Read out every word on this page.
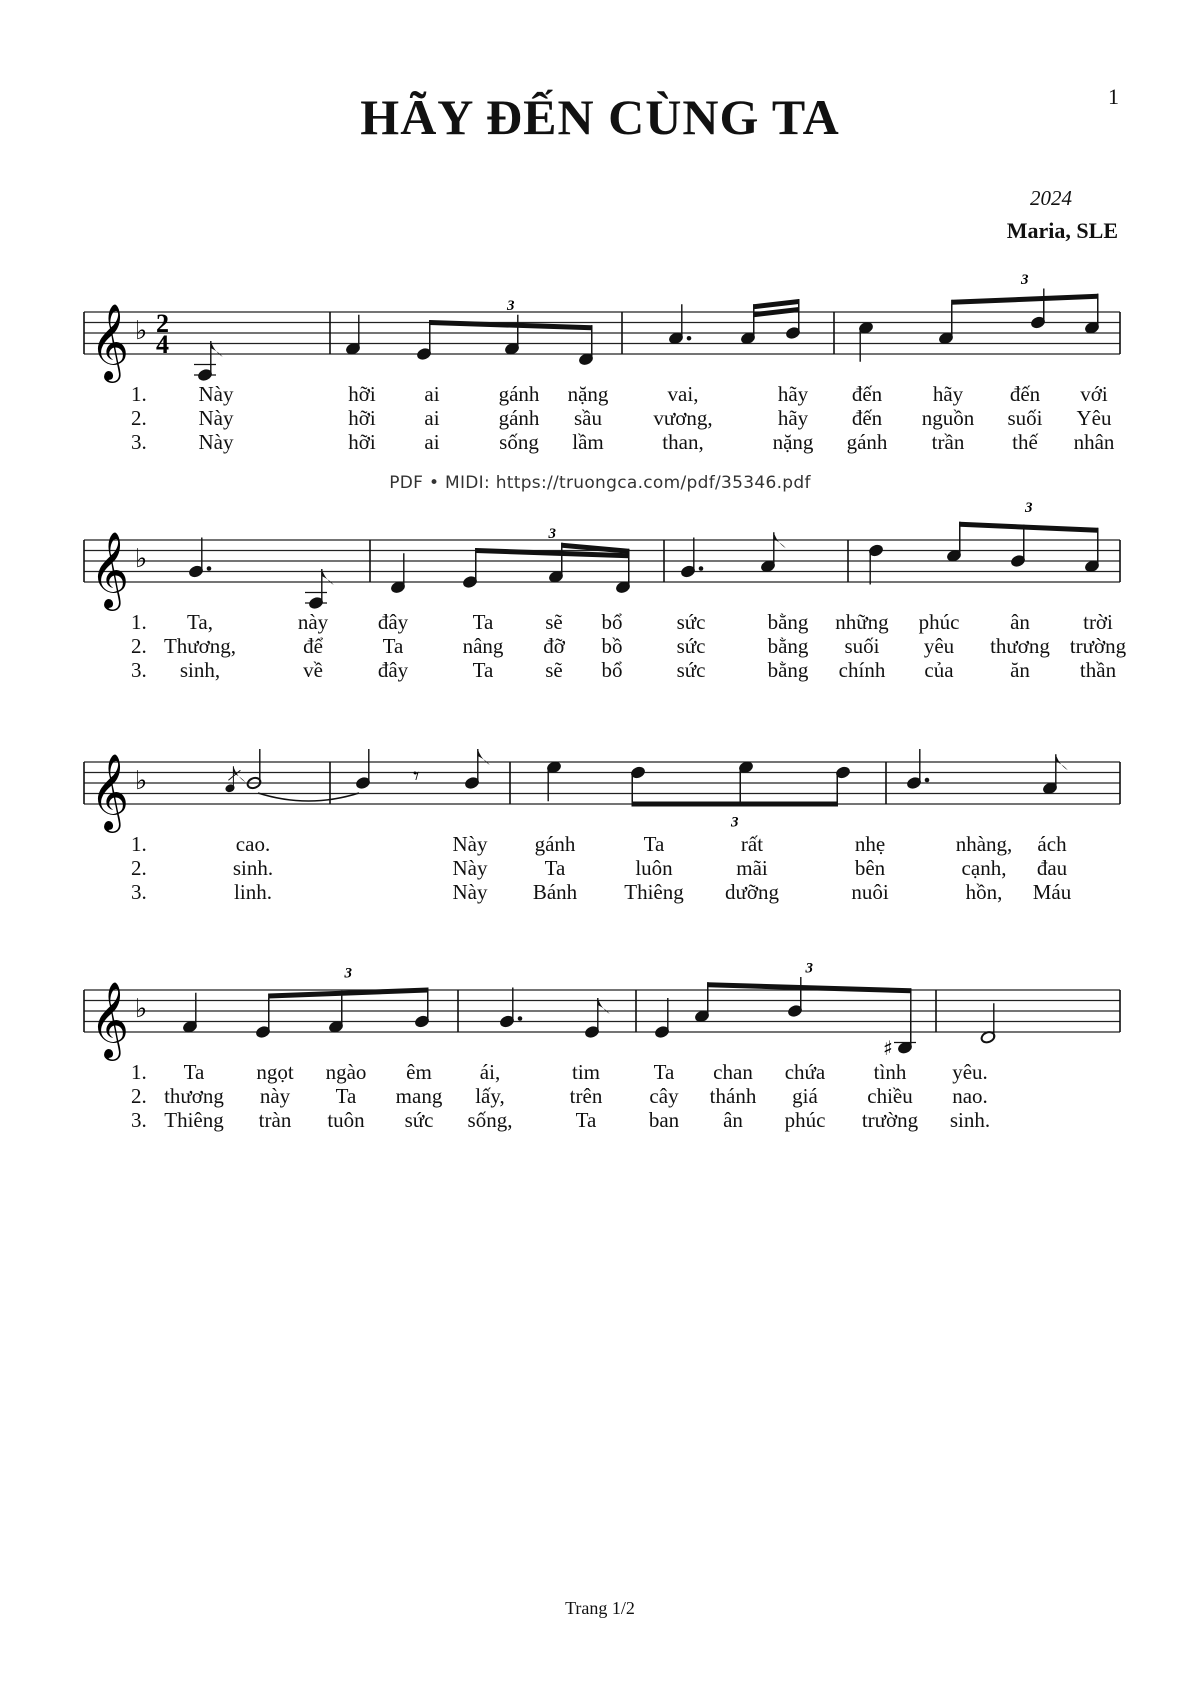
HÃY ĐẾN CÙNG TA	1
2024
Maria, SLE
PDF • MIDI: https://truongca.com/pdf/35346.pdf
Trang 1/2
𝄞 ♭ 2
4
3
3
1. Này	hỡi ai	gánh nặng	vai,	hãy đến hãy đến với
2. Này	hỡi ai	gánh sầu vương,	hãy đến nguồn suối Yêu
3. Này	hỡi ai	sống lầm	than,	nặng gánh trần thế nhân
𝄞 ♭
3
3
1. Ta,	này đây	Ta sẽ bổ	sức	bằng những phúc ân	trời
2. Thương,	để	Ta	nâng đỡ bồ	sức	bằng suối yêu thương trường
3. sinh,	về	đây	Ta sẽ bổ	sức	bằng chính của	ăn thần
𝄞 ♭
3
𝄾
1.	cao.	Này gánh	Ta	rất	nhẹ	nhàng, ách
2.	sinh.	Này	Ta	luôn	mãi	bên	cạnh, đau
3.	linh.	Này Bánh Thiêng dưỡng	nuôi	hồn, Máu
𝄞 ♭
♯
3	3
1. Ta ngọt ngào êm ái,	tim	Ta chan chứa tình yêu.
2. thương này Ta mang lấy,	trên cây thánh giá chiều nao.
3. Thiêng tràn tuôn sức sống,	Ta ban ân phúc trường sinh.
